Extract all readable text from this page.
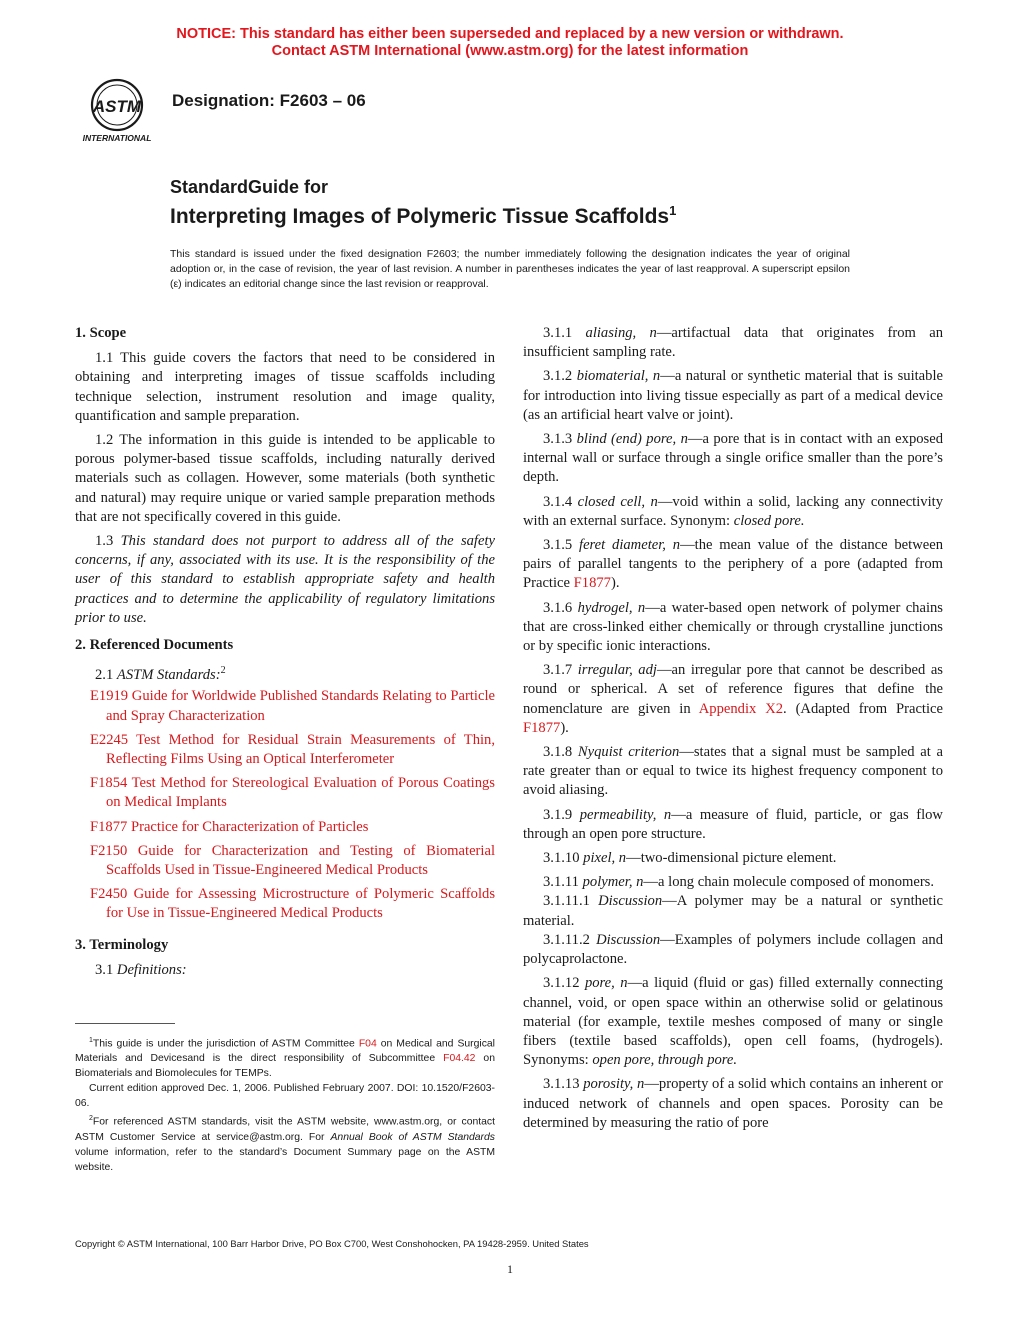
NOTICE: This standard has either been superseded and replaced by a new version or withdrawn.
Contact ASTM International (www.astm.org) for the latest information
ASTM
INTERNATIONAL
Designation: F2603 – 06
StandardGuide for
Interpreting Images of Polymeric Tissue Scaffolds$^1$
This standard is issued under the fixed designation F2603; the number immediately following the designation indicates the year of original adoption or, in the case of revision, the year of last revision. A number in parentheses indicates the year of last reapproval. A superscript epsilon (ε) indicates an editorial change since the last revision or reapproval.
1. Scope

1.1 This guide covers the factors that need to be considered in obtaining and interpreting images of tissue scaffolds including technique selection, instrument resolution and image quality, quantification and sample preparation.

1.2 The information in this guide is intended to be applicable to porous polymer-based tissue scaffolds, including naturally derived materials such as collagen. However, some materials (both synthetic and natural) may require unique or varied sample preparation methods that are not specifically covered in this guide.

1.3 This standard does not purport to address all of the safety concerns, if any, associated with its use. It is the responsibility of the user of this standard to establish appropriate safety and health practices and to determine the applicability of regulatory limitations prior to use.

2. Referenced Documents

2.1 ASTM Standards:$^2$

E1919 Guide for Worldwide Published Standards Relating to Particle and Spray Characterization

E2245 Test Method for Residual Strain Measurements of Thin, Reflecting Films Using an Optical Interferometer

F1854 Test Method for Stereological Evaluation of Porous Coatings on Medical Implants

F1877 Practice for Characterization of Particles

F2150 Guide for Characterization and Testing of Biomaterial Scaffolds Used in Tissue-Engineered Medical Products

F2450 Guide for Assessing Microstructure of Polymeric Scaffolds for Use in Tissue-Engineered Medical Products

3. Terminology

3.1 Definitions:

3.1.1 aliasing, n—artifactual data that originates from an insufficient sampling rate.

3.1.2 biomaterial, n—a natural or synthetic material that is suitable for introduction into living tissue especially as part of a medical device (as an artificial heart valve or joint).

3.1.3 blind (end) pore, n—a pore that is in contact with an exposed internal wall or surface through a single orifice smaller than the pore’s depth.

3.1.4 closed cell, n—void within a solid, lacking any connectivity with an external surface. Synonym: closed pore.

3.1.5 feret diameter, n—the mean value of the distance between pairs of parallel tangents to the periphery of a pore (adapted from Practice F1877).

3.1.6 hydrogel, n—a water-based open network of polymer chains that are cross-linked either chemically or through crystalline junctions or by specific ionic interactions.

3.1.7 irregular, adj—an irregular pore that cannot be described as round or spherical. A set of reference figures that define the nomenclature are given in Appendix X2. (Adapted from Practice F1877).

3.1.8 Nyquist criterion—states that a signal must be sampled at a rate greater than or equal to twice its highest frequency component to avoid aliasing.

3.1.9 permeability, n—a measure of fluid, particle, or gas flow through an open pore structure.

3.1.10 pixel, n—two-dimensional picture element.

3.1.11 polymer, n—a long chain molecule composed of monomers.

3.1.11.1 Discussion—A polymer may be a natural or synthetic material.

3.1.11.2 Discussion—Examples of polymers include collagen and polycaprolactone.

3.1.12 pore, n—a liquid (fluid or gas) filled externally connecting channel, void, or open space within an otherwise solid or gelatinous material (for example, textile meshes composed of many or single fibers (textile based scaffolds), open cell foams, (hydrogels). Synonyms: open pore, through pore.

3.1.13 porosity, n—property of a solid which contains an inherent or induced network of channels and open spaces. Porosity can be determined by measuring the ratio of pore

$^1$This guide is under the jurisdiction of ASTM Committee F04 on Medical and Surgical Materials and Devicesand is the direct responsibility of Subcommittee F04.42 on Biomaterials and Biomolecules for TEMPs.

Current edition approved Dec. 1, 2006. Published February 2007. DOI: 10.1520/F2603-06.

$^2$For referenced ASTM standards, visit the ASTM website, www.astm.org, or contact ASTM Customer Service at service@astm.org. For Annual Book of ASTM Standards volume information, refer to the standard’s Document Summary page on the ASTM website.

Copyright © ASTM International, 100 Barr Harbor Drive, PO Box C700, West Conshohocken, PA 19428-2959. United States
1
